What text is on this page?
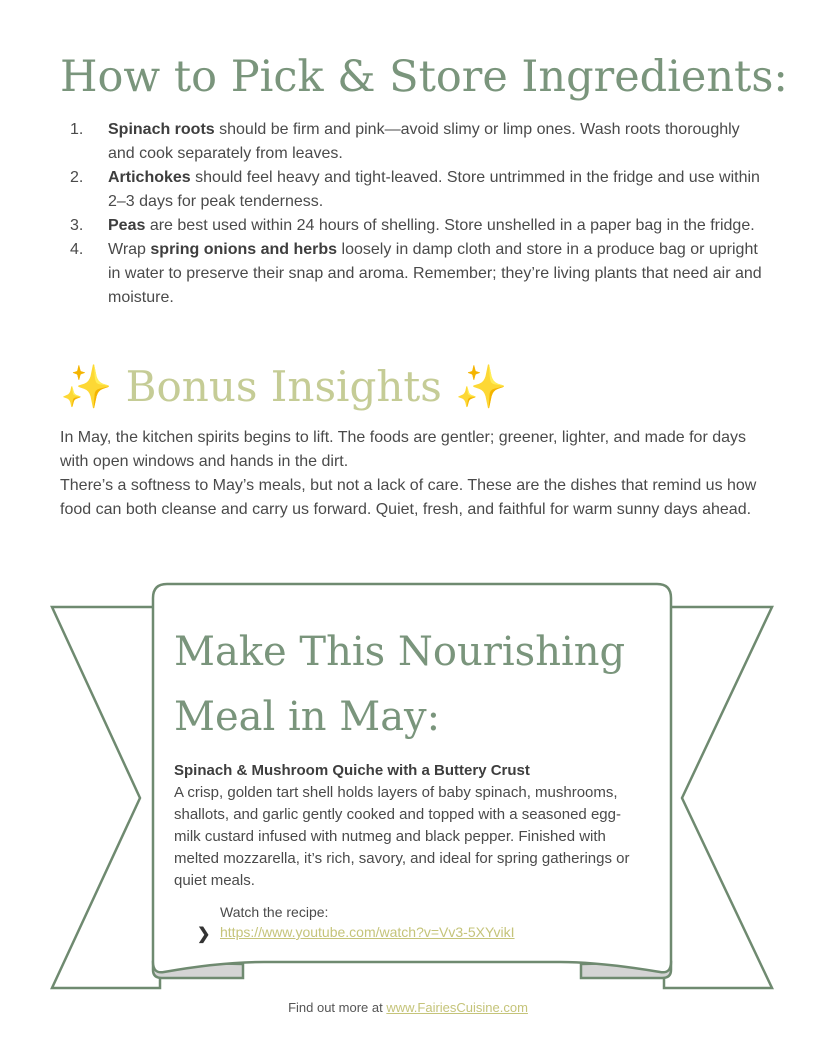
How to Pick & Store Ingredients:
1. Spinach roots should be firm and pink—avoid slimy or limp ones. Wash roots thoroughly and cook separately from leaves.
2. Artichokes should feel heavy and tight-leaved. Store untrimmed in the fridge and use within 2–3 days for peak tenderness.
3. Peas are best used within 24 hours of shelling. Store unshelled in a paper bag in the fridge.
4. Wrap spring onions and herbs loosely in damp cloth and store in a produce bag or upright in water to preserve their snap and aroma. Remember; they’re living plants that need air and moisture.
✨ Bonus Insights ✨

In May, the kitchen spirits begins to lift. The foods are gentler; greener, lighter, and made for days with open windows and hands in the dirt.

There’s a softness to May’s meals, but not a lack of care. These are the dishes that remind us how food can both cleanse and carry us forward. Quiet, fresh, and faithful for warm sunny days ahead.

Make This Nourishing
Meal in May:
Spinach & Mushroom Quiche with a Buttery Crust
A crisp, golden tart shell holds layers of baby spinach, mushrooms, shallots, and garlic gently cooked and topped with a seasoned egg-milk custard infused with nutmeg and black pepper. Finished with melted mozzarella, it’s rich, savory, and ideal for spring gatherings or quiet meals.
❯
Watch the recipe:
https://www.youtube.com/watch?v=Vv3-5XYvikI
Find out more at www.FairiesCuisine.com
